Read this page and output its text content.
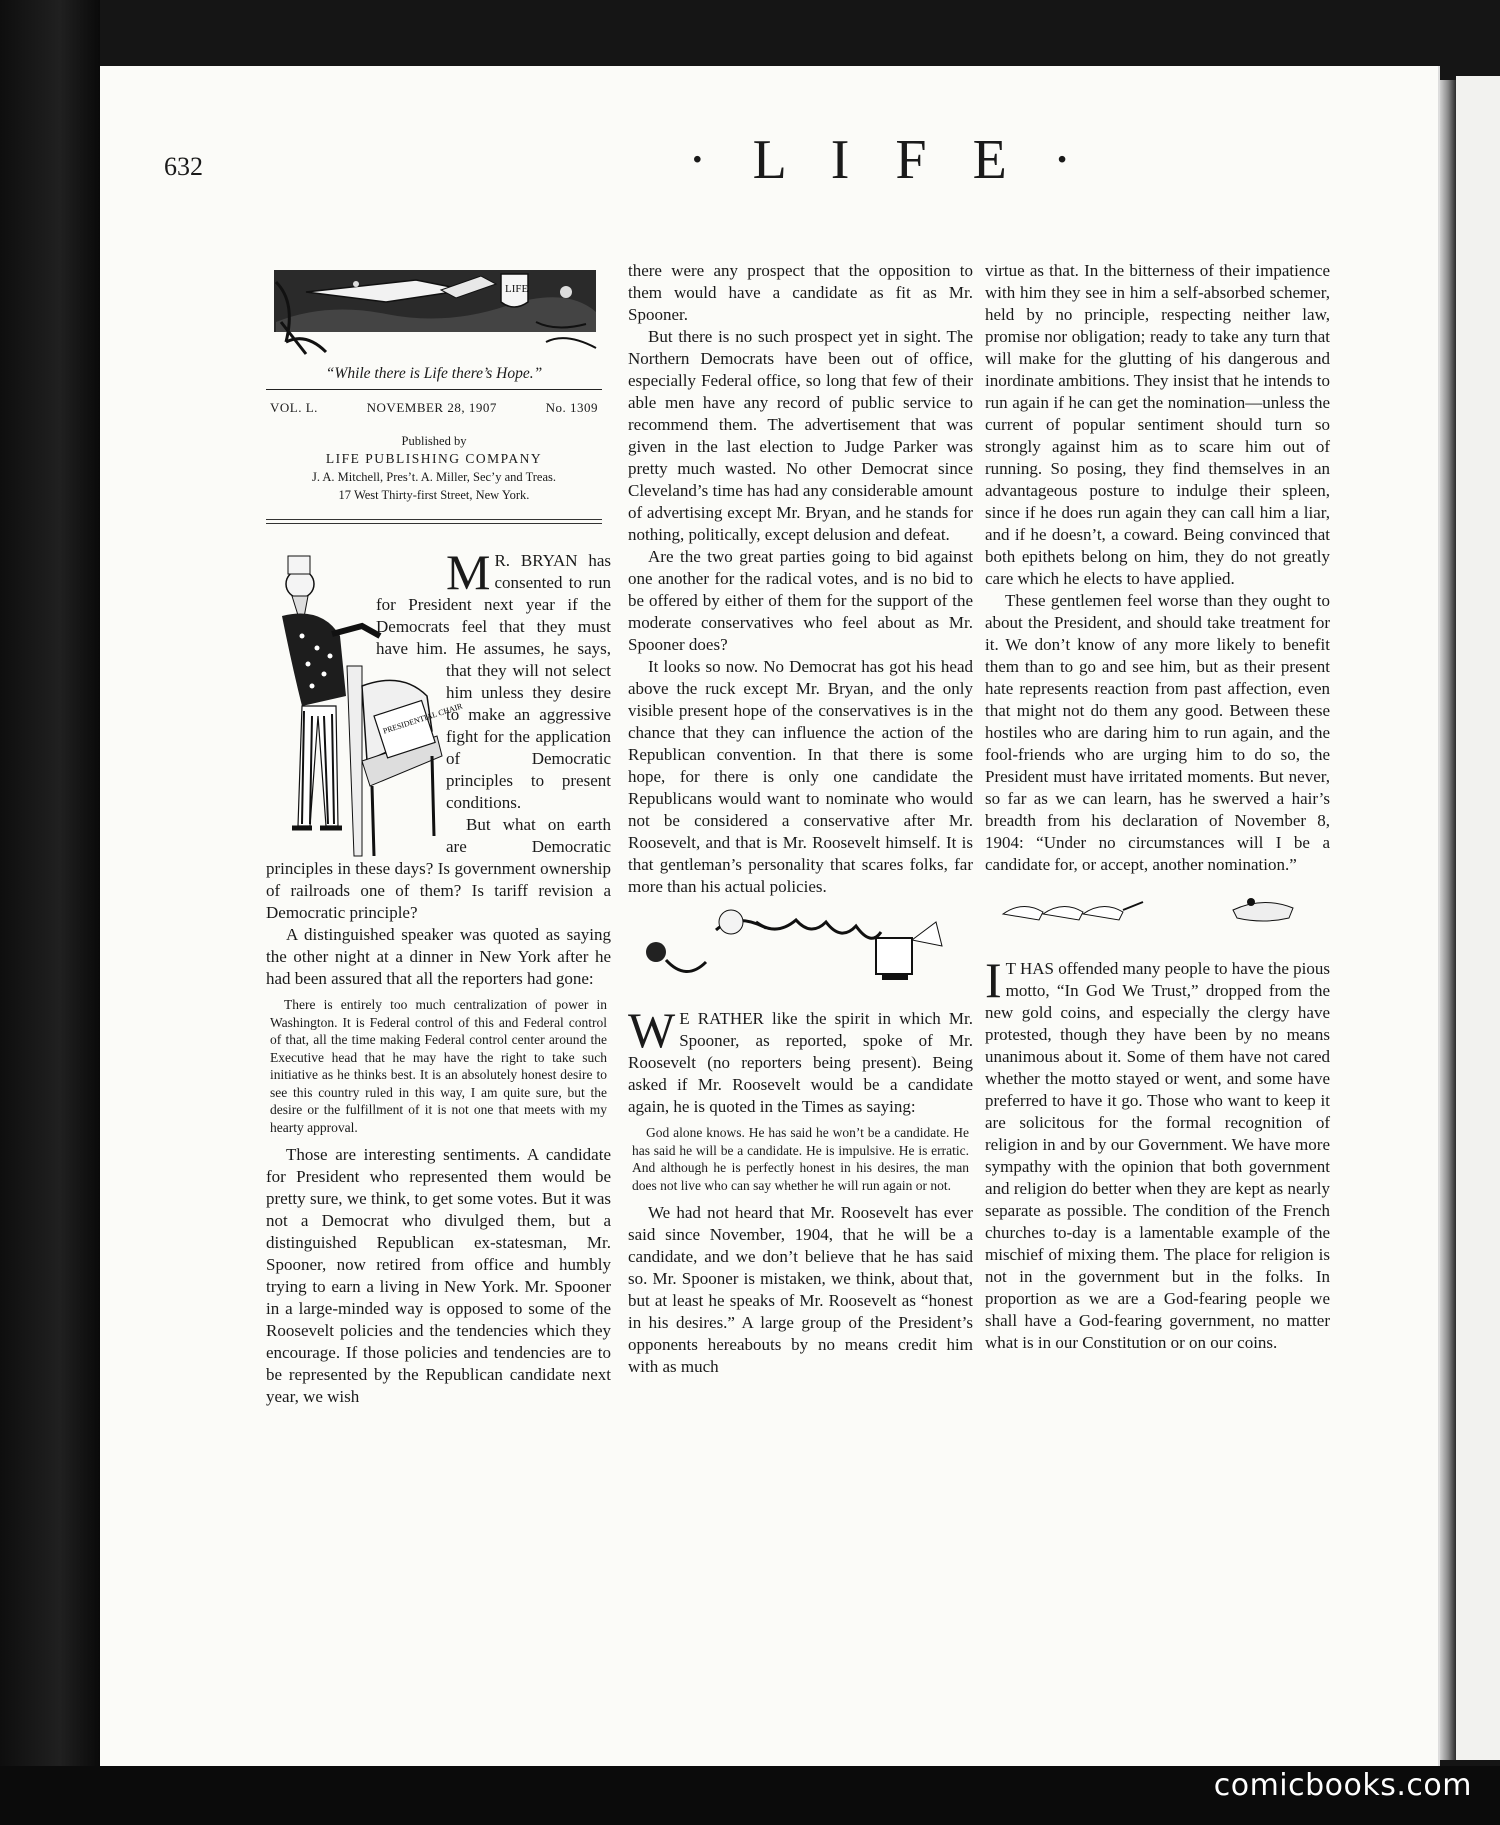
comicbooks.com
632	· L I F E ·
LIFE
“While there is Life there’s Hope.”
VOL. L.	NOVEMBER 28, 1907	No. 1309
Published by
LIFE PUBLISHING COMPANY
J. A. Mitchell, Pres’t. A. Miller, Sec’y and Treas.
17 West Thirty-first Street, New York.
PRESIDENTIAL CHAIR

M R. BRYAN has consented to run for President next year if the Democrats feel that they must have him. He assumes, he says, that they will not select him unless they desire to make an aggressive fight for the application of Democratic principles to present conditions.

But what on earth are Democratic principles in these days? Is government ownership of railroads one of them? Is tariff revision a Democratic principle?

A distinguished speaker was quoted as saying the other night at a dinner in New York after he had been assured that all the reporters had gone:

There is entirely too much centralization of power in Washington. It is Federal control of this and Federal control of that, all the time making Federal control center around the Executive head that he may have the right to take such initiative as he thinks best. It is an absolutely honest desire to see this country ruled in this way, I am quite sure, but the desire or the fulfillment of it is not one that meets with my hearty approval.

Those are interesting sentiments. A candidate for President who represented them would be pretty sure, we think, to get some votes. But it was not a Democrat who divulged them, but a distinguished Republican ex-statesman, Mr. Spooner, now retired from office and humbly trying to earn a living in New York. Mr. Spooner in a large-minded way is opposed to some of the Roosevelt policies and the tendencies which they encourage. If those policies and tendencies are to be represented by the Republican candidate next year, we wish

there were any prospect that the opposition to them would have a candidate as fit as Mr. Spooner.

But there is no such prospect yet in sight. The Northern Democrats have been out of office, especially Federal office, so long that few of their able men have any record of public service to recommend them. The advertisement that was given in the last election to Judge Parker was pretty much wasted. No other Democrat since Cleveland’s time has had any considerable amount of advertising except Mr. Bryan, and he stands for nothing, politically, except delusion and defeat.

Are the two great parties going to bid against one another for the radical votes, and is no bid to be offered by either of them for the support of the moderate conservatives who feel about as Mr. Spooner does?

It looks so now. No Democrat has got his head above the ruck except Mr. Bryan, and the only visible present hope of the conservatives is in the chance that they can influence the action of the Republican convention. In that there is some hope, for there is only one candidate the Republicans would want to nominate who would not be considered a conservative after Mr. Roosevelt, and that is Mr. Roosevelt himself. It is that gentleman’s personality that scares folks, far more than his actual policies.

W E RATHER like the spirit in which Mr. Spooner, as reported, spoke of Mr. Roosevelt (no reporters being present). Being asked if Mr. Roosevelt would be a candidate again, he is quoted in the Times as saying:

God alone knows. He has said he won’t be a candidate. He has said he will be a candidate. He is impulsive. He is erratic. And although he is perfectly honest in his desires, the man does not live who can say whether he will run again or not.

We had not heard that Mr. Roosevelt has ever said since November, 1904, that he will be a candidate, and we don’t believe that he has said so. Mr. Spooner is mistaken, we think, about that, but at least he speaks of Mr. Roosevelt as “honest in his desires.” A large group of the President’s opponents hereabouts by no means credit him with as much

virtue as that. In the bitterness of their impatience with him they see in him a self-absorbed schemer, held by no principle, respecting neither law, promise nor obligation; ready to take any turn that will make for the glutting of his dangerous and inordinate ambitions. They insist that he intends to run again if he can get the nomination—unless the current of popular sentiment should turn so strongly against him as to scare him out of running. So posing, they find themselves in an advantageous posture to indulge their spleen, since if he does run again they can call him a liar, and if he doesn’t, a coward. Being convinced that both epithets belong on him, they do not greatly care which he elects to have applied.

These gentlemen feel worse than they ought to about the President, and should take treatment for it. We don’t know of any more likely to benefit them than to go and see him, but as their present hate represents reaction from past affection, even that might not do them any good. Between these hostiles who are daring him to run again, and the fool-friends who are urging him to do so, the President must have irritated moments. But never, so far as we can learn, has he swerved a hair’s breadth from his declaration of November 8, 1904: “Under no circumstances will I be a candidate for, or accept, another nomination.”

I T HAS offended many people to have the pious motto, “In God We Trust,” dropped from the new gold coins, and especially the clergy have protested, though they have been by no means unanimous about it. Some of them have not cared whether the motto stayed or went, and some have preferred to have it go. Those who want to keep it are solicitous for the formal recognition of religion in and by our Government. We have more sympathy with the opinion that both government and religion do better when they are kept as nearly separate as possible. The condition of the French churches to-day is a lamentable example of the mischief of mixing them. The place for religion is not in the government but in the folks. In proportion as we are a God-fearing people we shall have a God-fearing government, no matter what is in our Constitution or on our coins.
